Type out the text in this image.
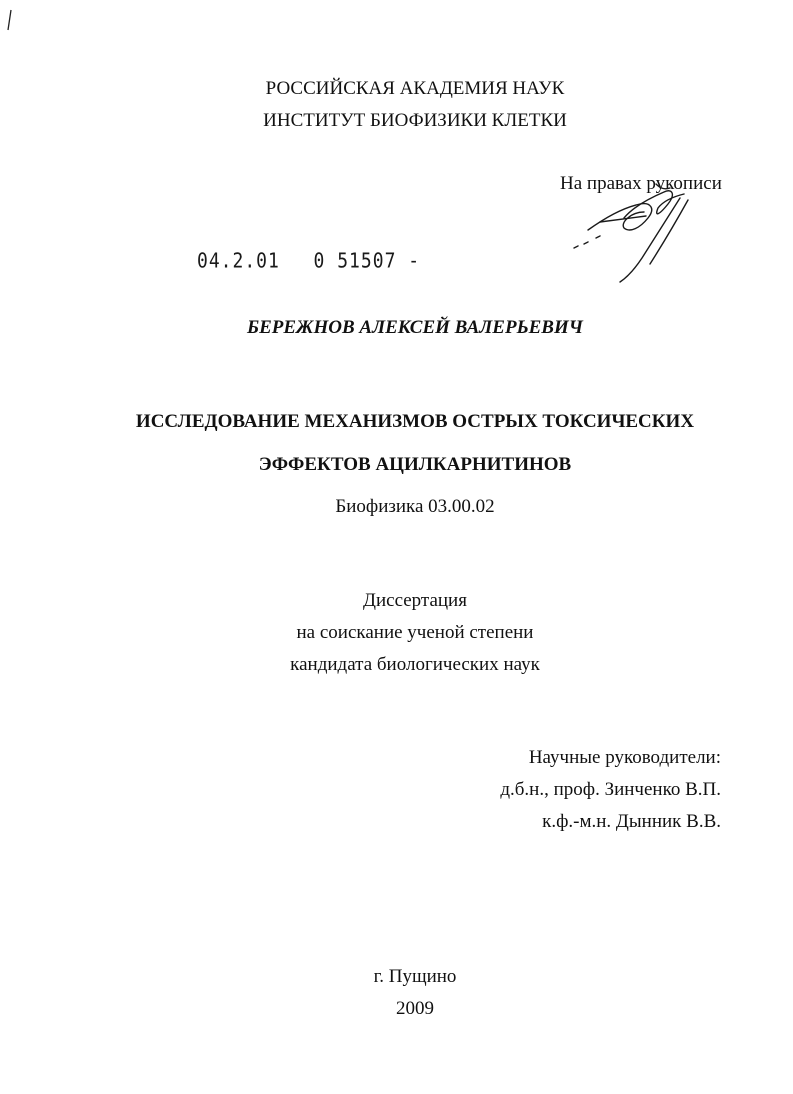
РОССИЙСКАЯ АКАДЕМИЯ НАУК
ИНСТИТУТ БИОФИЗИКИ КЛЕТКИ
На правах рукописи
04.2.01 0 51507 -
БЕРЕЖНОВ АЛЕКСЕЙ ВАЛЕРЬЕВИЧ
ИССЛЕДОВАНИЕ МЕХАНИЗМОВ ОСТРЫХ ТОКСИЧЕСКИХ
ЭФФЕКТОВ АЦИЛКАРНИТИНОВ
Биофизика 03.00.02
Диссертация
на соискание ученой степени
кандидата биологических наук
Научные руководители:
д.б.н., проф. Зинченко В.П.
к.ф.-м.н. Дынник В.В.
г. Пущино
2009
